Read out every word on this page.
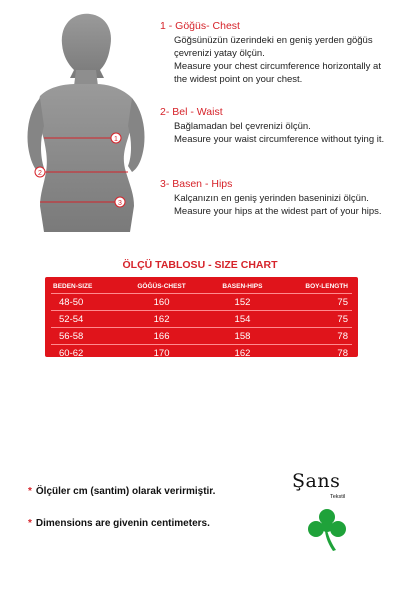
1
2
3
1 - Göğüs- Chest
Göğsünüzün üzerindeki en geniş yerden göğüs çevrenizi yatay ölçün.
Measure your chest circumference horizontally at the widest point on your chest.
2- Bel - Waist
Bağlamadan bel çevrenizi ölçün.
Measure your waist circumference without tying it.
3- Basen - Hips
Kalçanızın en geniş yerinden baseninizi ölçün.
Measure your hips at the widest part of your hips.
ÖLÇÜ TABLOSU - SIZE CHART
BEDEN-SIZE	GÖĞÜS-CHEST	BASEN-HIPS	BOY-LENGTH
48-50	160	152	75
52-54	162	154	75
56-58	166	158	78
60-62	170	162	78
* Ölçüler cm (santim) olarak verirmiştir.
* Dimensions are givenin centimeters.
Şans
Tekstil
